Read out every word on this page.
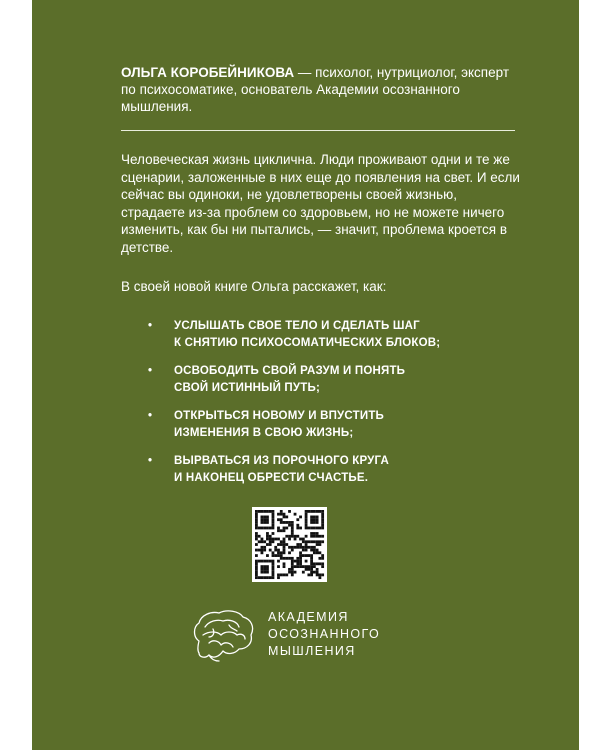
ОЛЬГА КОРОБЕЙНИКОВА — психолог, нутрициолог, эксперт по психосоматике, основатель Академии осознанного мышления.
Человеческая жизнь циклична. Люди проживают одни и те же сценарии, заложенные в них еще до появления на свет. И если сейчас вы одиноки, не удовлетворены своей жизнью, страдаете из-за проблем со здоровьем, но не можете ничего изменить, как бы ни пытались, — значит, проблема кроется в детстве.
В своей новой книге Ольга расскажет, как:
• УСЛЫШАТЬ СВОЕ ТЕЛО И СДЕЛАТЬ ШАГ
К СНЯТИЮ ПСИХОСОМАТИЧЕСКИХ БЛОКОВ;
• ОСВОБОДИТЬ СВОЙ РАЗУМ И ПОНЯТЬ
СВОЙ ИСТИННЫЙ ПУТЬ;
• ОТКРЫТЬСЯ НОВОМУ И ВПУСТИТЬ
ИЗМЕНЕНИЯ В СВОЮ ЖИЗНЬ;
• ВЫРВАТЬСЯ ИЗ ПОРОЧНОГО КРУГА
И НАКОНЕЦ ОБРЕСТИ СЧАСТЬЕ.
АКАДЕМИЯ
ОСОЗНАННОГО
МЫШЛЕНИЯ
